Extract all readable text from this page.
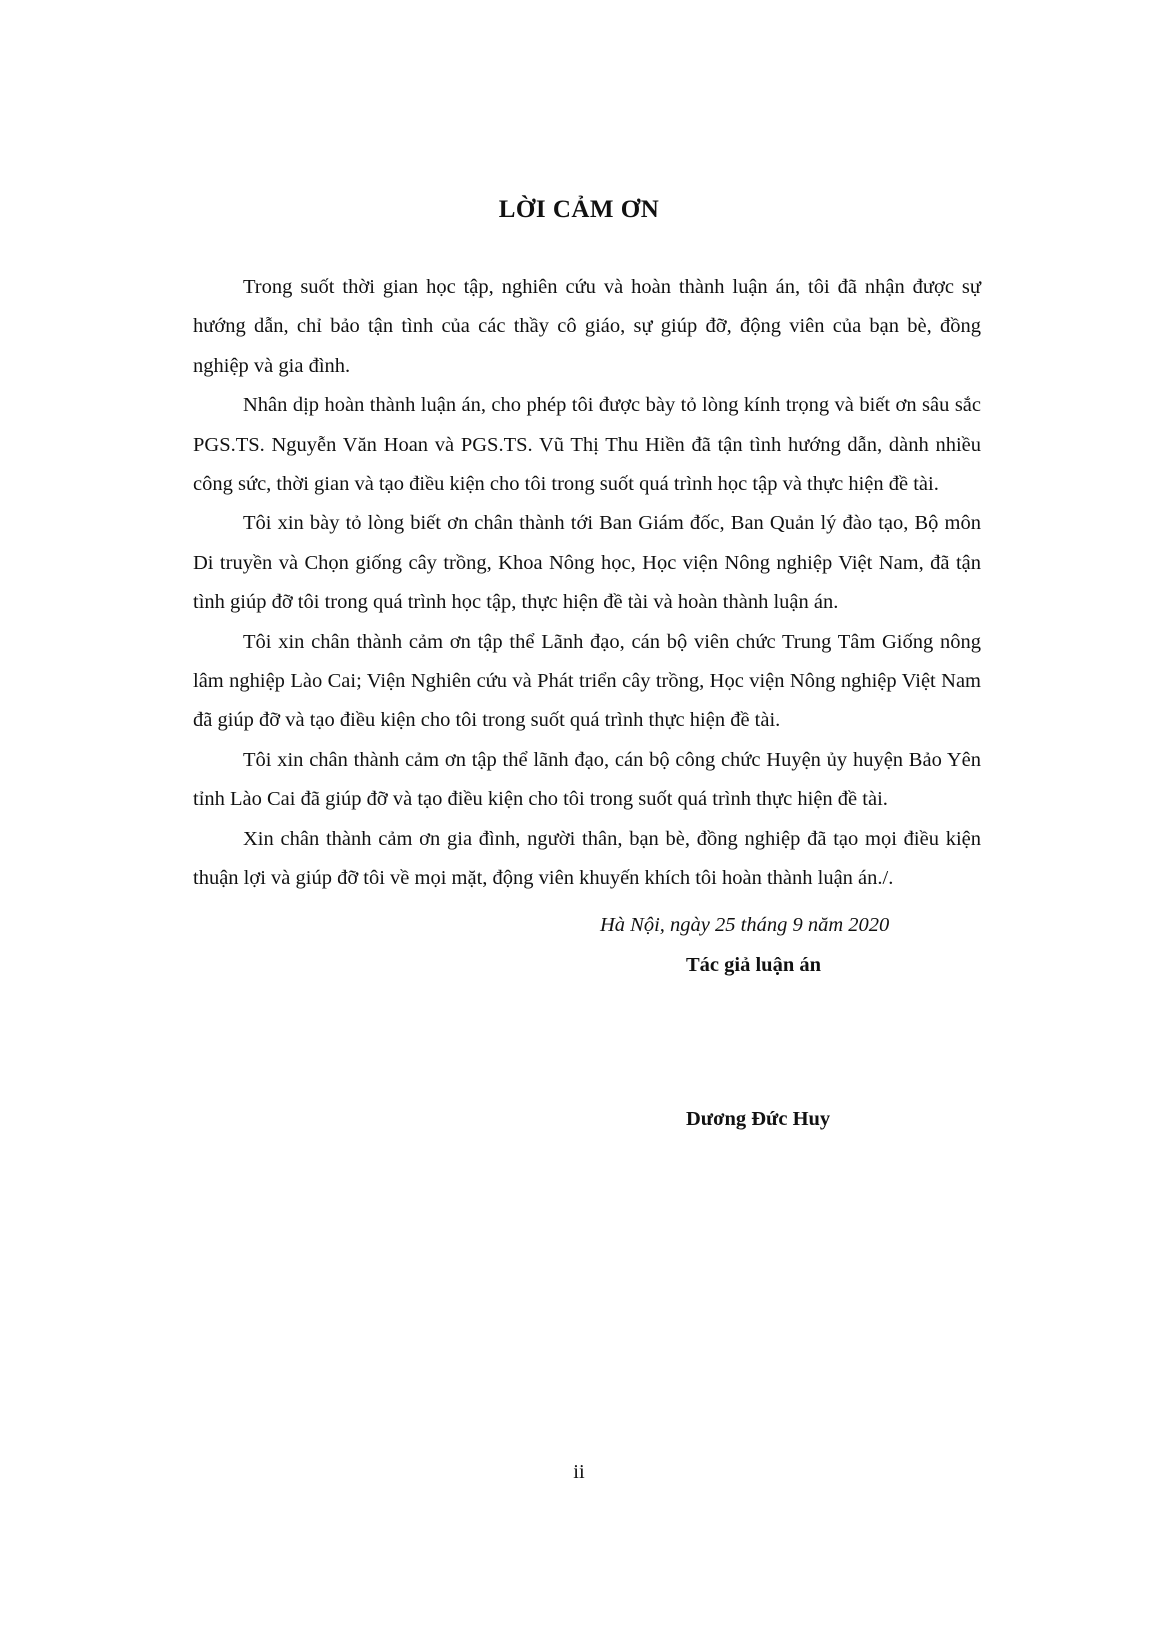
LỜI CẢM ƠN

Trong suốt thời gian học tập, nghiên cứu và hoàn thành luận án, tôi đã nhận được sự hướng dẫn, chỉ bảo tận tình của các thầy cô giáo, sự giúp đỡ, động viên của bạn bè, đồng nghiệp và gia đình.

Nhân dịp hoàn thành luận án, cho phép tôi được bày tỏ lòng kính trọng và biết ơn sâu sắc PGS.TS. Nguyễn Văn Hoan và PGS.TS. Vũ Thị Thu Hiền đã tận tình hướng dẫn, dành nhiều công sức, thời gian và tạo điều kiện cho tôi trong suốt quá trình học tập và thực hiện đề tài.

Tôi xin bày tỏ lòng biết ơn chân thành tới Ban Giám đốc, Ban Quản lý đào tạo, Bộ môn Di truyền và Chọn giống cây trồng, Khoa Nông học, Học viện Nông nghiệp Việt Nam, đã tận tình giúp đỡ tôi trong quá trình học tập, thực hiện đề tài và hoàn thành luận án.

Tôi xin chân thành cảm ơn tập thể Lãnh đạo, cán bộ viên chức Trung Tâm Giống nông lâm nghiệp Lào Cai; Viện Nghiên cứu và Phát triển cây trồng, Học viện Nông nghiệp Việt Nam đã giúp đỡ và tạo điều kiện cho tôi trong suốt quá trình thực hiện đề tài.

Tôi xin chân thành cảm ơn tập thể lãnh đạo, cán bộ công chức Huyện ủy huyện Bảo Yên tỉnh Lào Cai đã giúp đỡ và tạo điều kiện cho tôi trong suốt quá trình thực hiện đề tài.

Xin chân thành cảm ơn gia đình, người thân, bạn bè, đồng nghiệp đã tạo mọi điều kiện thuận lợi và giúp đỡ tôi về mọi mặt, động viên khuyến khích tôi hoàn thành luận án./.

Hà Nội, ngày 25 tháng 9 năm 2020
Tác giả luận án
Dương Đức Huy
ii
